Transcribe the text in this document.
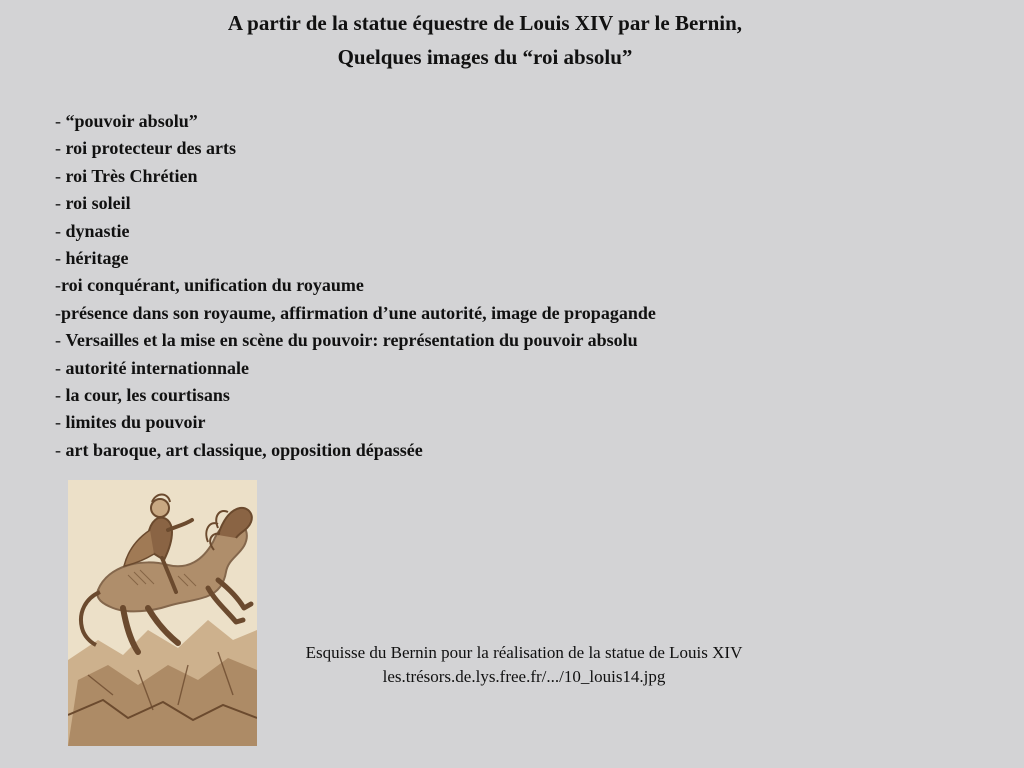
A partir de la statue équestre de Louis XIV par le Bernin,
Quelques images du “roi absolu”
- “pouvoir absolu”
- roi protecteur des arts
- roi Très Chrétien
- roi soleil
- dynastie
- héritage
-roi conquérant, unification du royaume
-présence dans son royaume, affirmation d’une autorité, image de propagande
- Versailles et la mise en scène du pouvoir: représentation du pouvoir absolu
- autorité internationnale
- la cour, les courtisans
- limites du pouvoir
- art baroque, art classique, opposition dépassée
Esquisse du Bernin pour la réalisation de la statue de Louis XIV
les.trésors.de.lys.free.fr/.../10_louis14.jpg
